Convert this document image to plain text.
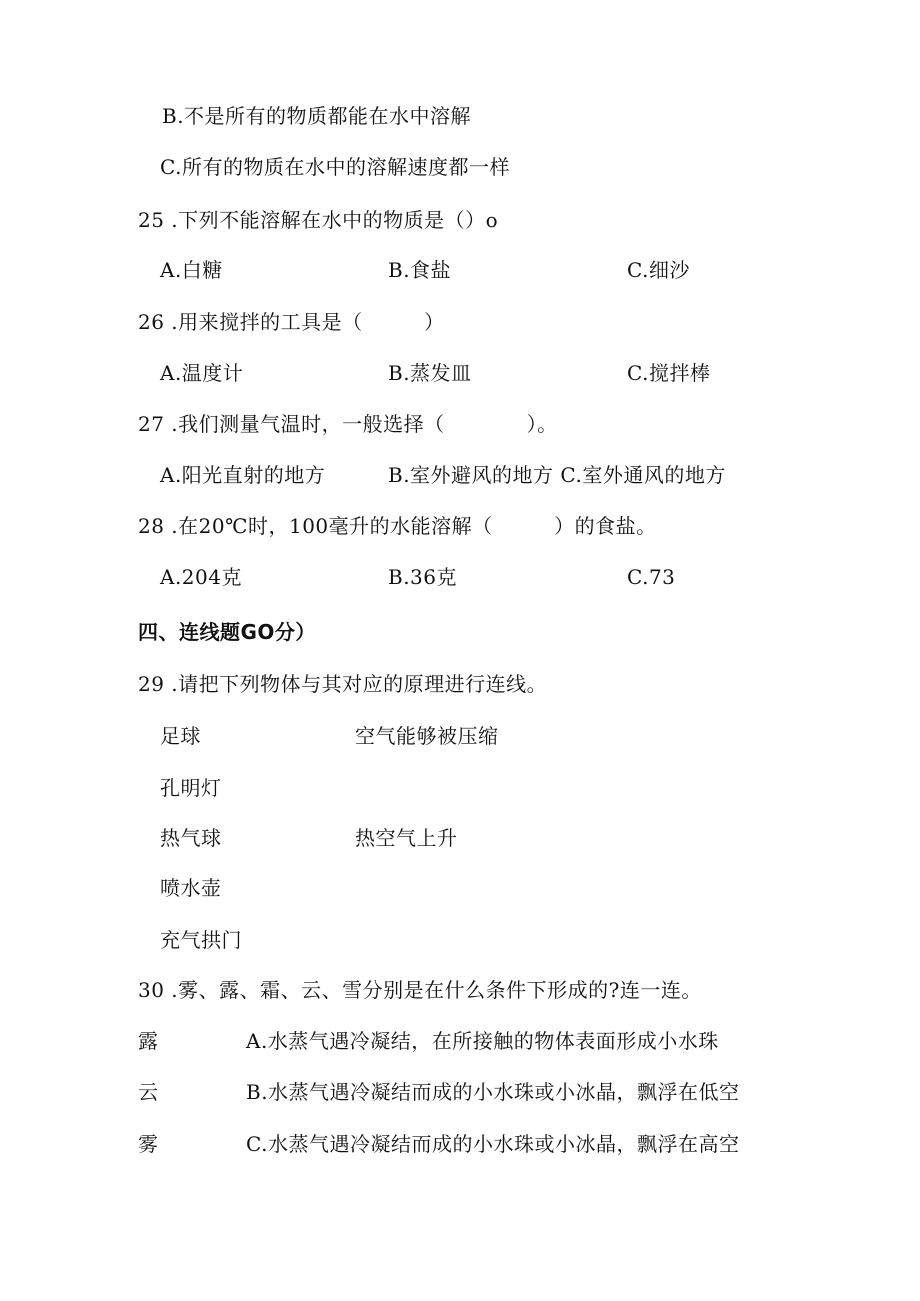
B.不是所有的物质都能在水中溶解
C.所有的物质在水中的溶解速度都一样
25 .下列不能溶解在水中的物质是（）o
A.白糖	B.食盐	C.细沙
26 .用来搅拌的工具是（　　　）
A.温度计	B.蒸发皿	C.搅拌棒
27 .我们测量气温时，一般选择（　　　　）。
A.阳光直射的地方	B.室外避风的地方 C.室外通风的地方
28 .在20℃时，100毫升的水能溶解（　　　）的食盐。
A.204克	B.36克	C.73
四、连线题GO分）
29 .请把下列物体与其对应的原理进行连线。
足球	空气能够被压缩
孔明灯
热气球	热空气上升
喷水壶
充气拱门
30 .雾、露、霜、云、雪分别是在什么条件下形成的?连一连。
露	A.水蒸气遇冷凝结，在所接触的物体表面形成小水珠
云	B.水蒸气遇冷凝结而成的小水珠或小冰晶，飘浮在低空
雾	C.水蒸气遇冷凝结而成的小水珠或小冰晶，飘浮在高空
